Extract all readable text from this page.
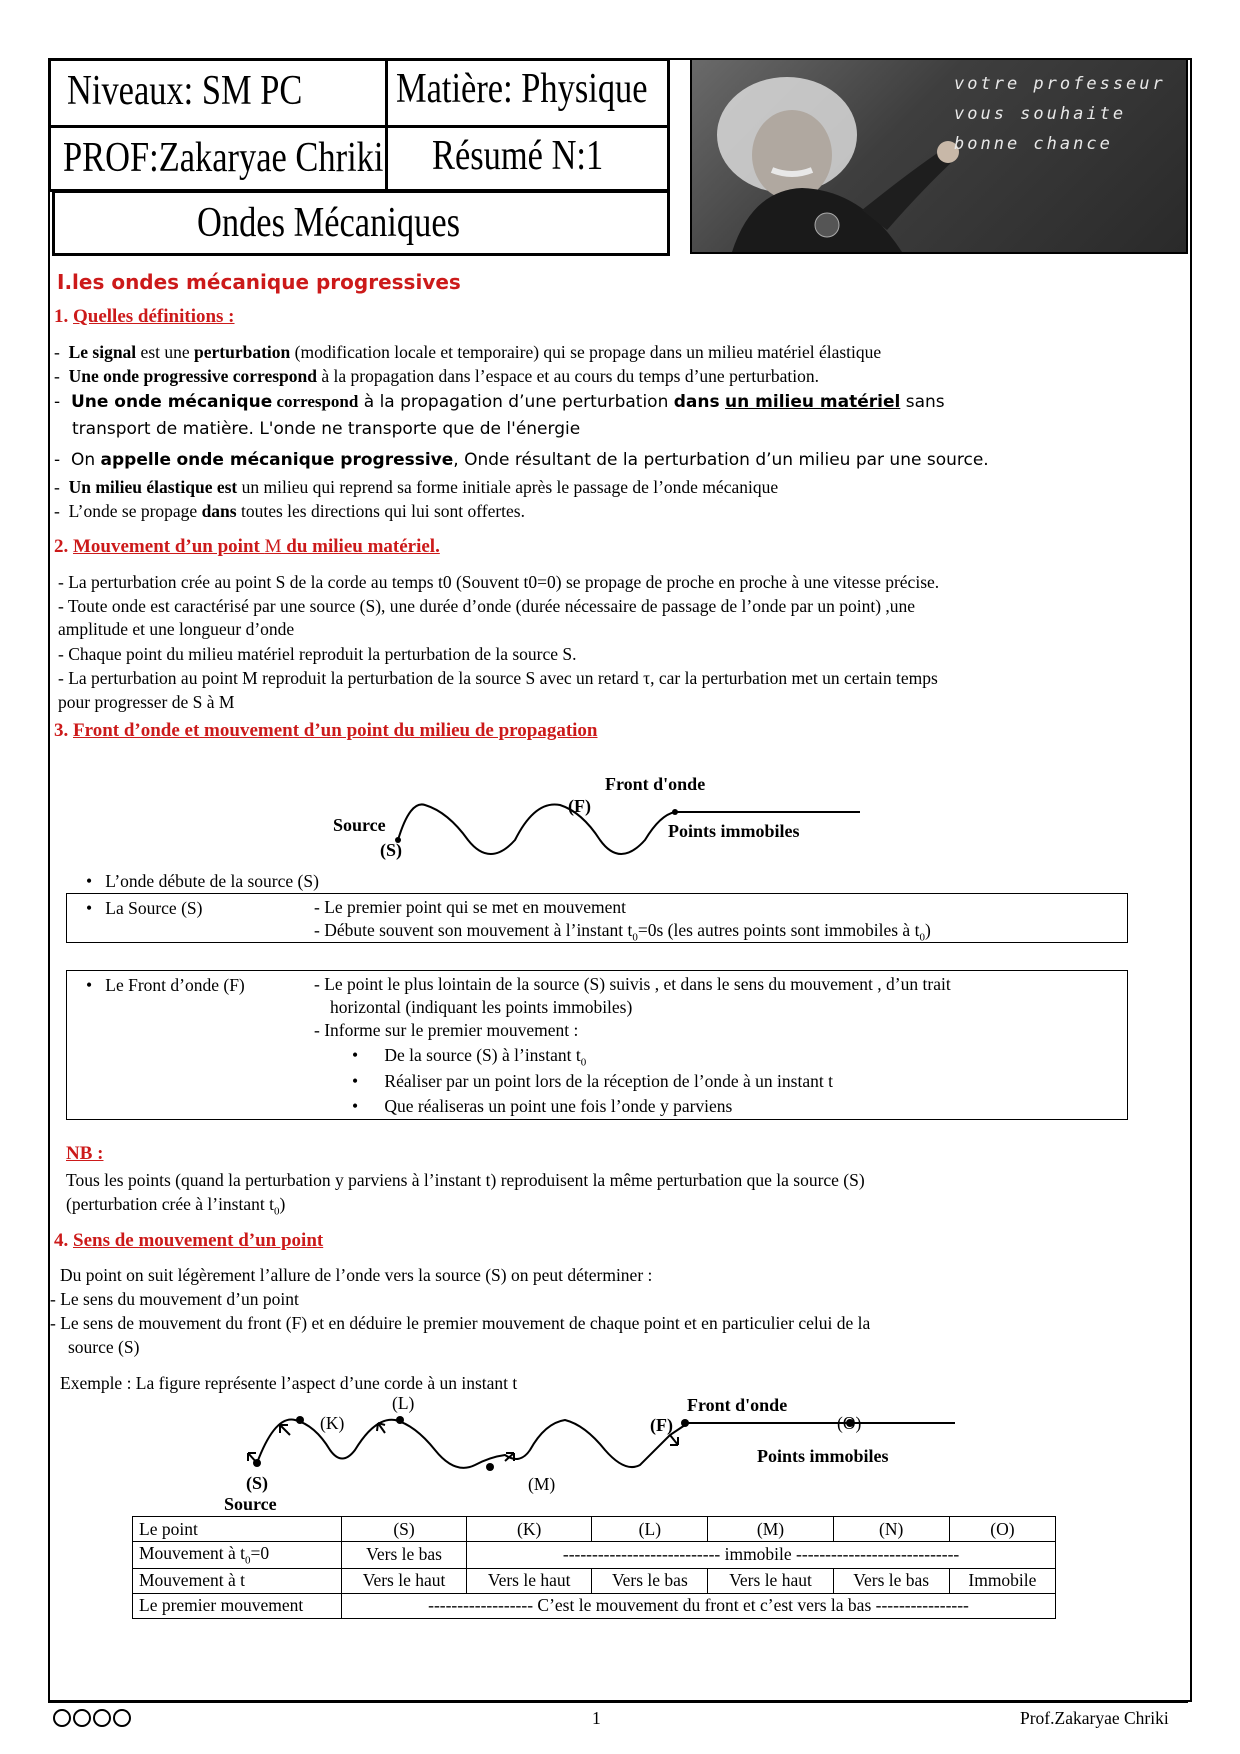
Niveaux: SM PC	Matière: Physique
PROF:Zakaryae Chriki	Résumé N:1
Ondes Mécaniques
votre professeur
vous souhaite
bonne chance
I.les ondes mécanique progressives
1. Quelles définitions :
-  Le signal est une perturbation (modification locale et temporaire) qui se propage dans un milieu matériel élastique
-  Une onde progressive correspond à la propagation dans l’espace et au cours du temps d’une perturbation.
-  Une onde mécanique correspond à la propagation d’une perturbation dans un milieu matériel sans
transport de matière. L'onde ne transporte que de l'énergie
-  On appelle onde mécanique progressive, Onde résultant de la perturbation d’un milieu par une source.
-  Un milieu élastique est un milieu qui reprend sa forme initiale après le passage de l’onde mécanique
-  L’onde se propage dans toutes les directions qui lui sont offertes.
2. Mouvement d’un point M du milieu matériel.
- La perturbation crée au point S de la corde au temps t0 (Souvent t0=0) se propage de proche en proche à une vitesse précise.
- Toute onde est caractérisé par une source (S), une durée d’onde (durée nécessaire de passage de l’onde par un point) ,une
amplitude et une longueur d’onde
- Chaque point du milieu matériel reproduit la perturbation de la source S.
- La perturbation au point M reproduit la perturbation de la source S avec un retard τ, car la perturbation met un certain temps
pour progresser de S à M
3. Front d’onde et mouvement d’un point du milieu de propagation
Source
(S)
(F)
Front d'onde
Points immobiles
•   L’onde débute de la source (S)
•   La Source (S)	- Le premier point qui se met en mouvement
- Débute souvent son mouvement à l’instant $t_0=0s$ (les autres points sont immobiles à $t_0$)
•   Le Front d’onde (F)	- Le point le plus lointain de la source (S) suivis , et dans le sens du mouvement , d’un trait
horizontal (indiquant les points immobiles)
- Informe sur le premier mouvement :
•      De la source (S) à l’instant $t_0$
•      Réaliser par un point lors de la réception de l’onde à un instant t
•      Que réaliseras un point une fois l’onde y parviens
NB :
Tous les points (quand la perturbation y parviens à l’instant t) reproduisent la même perturbation que la source (S)
(perturbation crée à l’instant $t_0$)
4. Sens de mouvement d’un point
Du point on suit légèrement l’allure de l’onde vers la source (S) on peut déterminer :
- Le sens du mouvement d’un point
- Le sens de mouvement du front (F) et en déduire le premier mouvement de chaque point et en particulier celui de la
source (S)
Exemple : La figure représente l’aspect d’une corde à un instant t
(L)
(K)
(M)
(F)	(O)
Front d'onde
Points immobiles
(S)
Source
Le point	(S)	(K)	(L)	(M)	(N)	(O)
Mouvement à $t_0=0$	Vers le bas	--------------------------- immobile ----------------------------				
Mouvement à t	Vers le haut	Vers le haut	Vers le bas	Vers le haut	Vers le bas	Immobile
Le premier mouvement	------------------ C’est le mouvement du front et c’est vers la bas ----------------					
1	Prof.Zakaryae Chriki
